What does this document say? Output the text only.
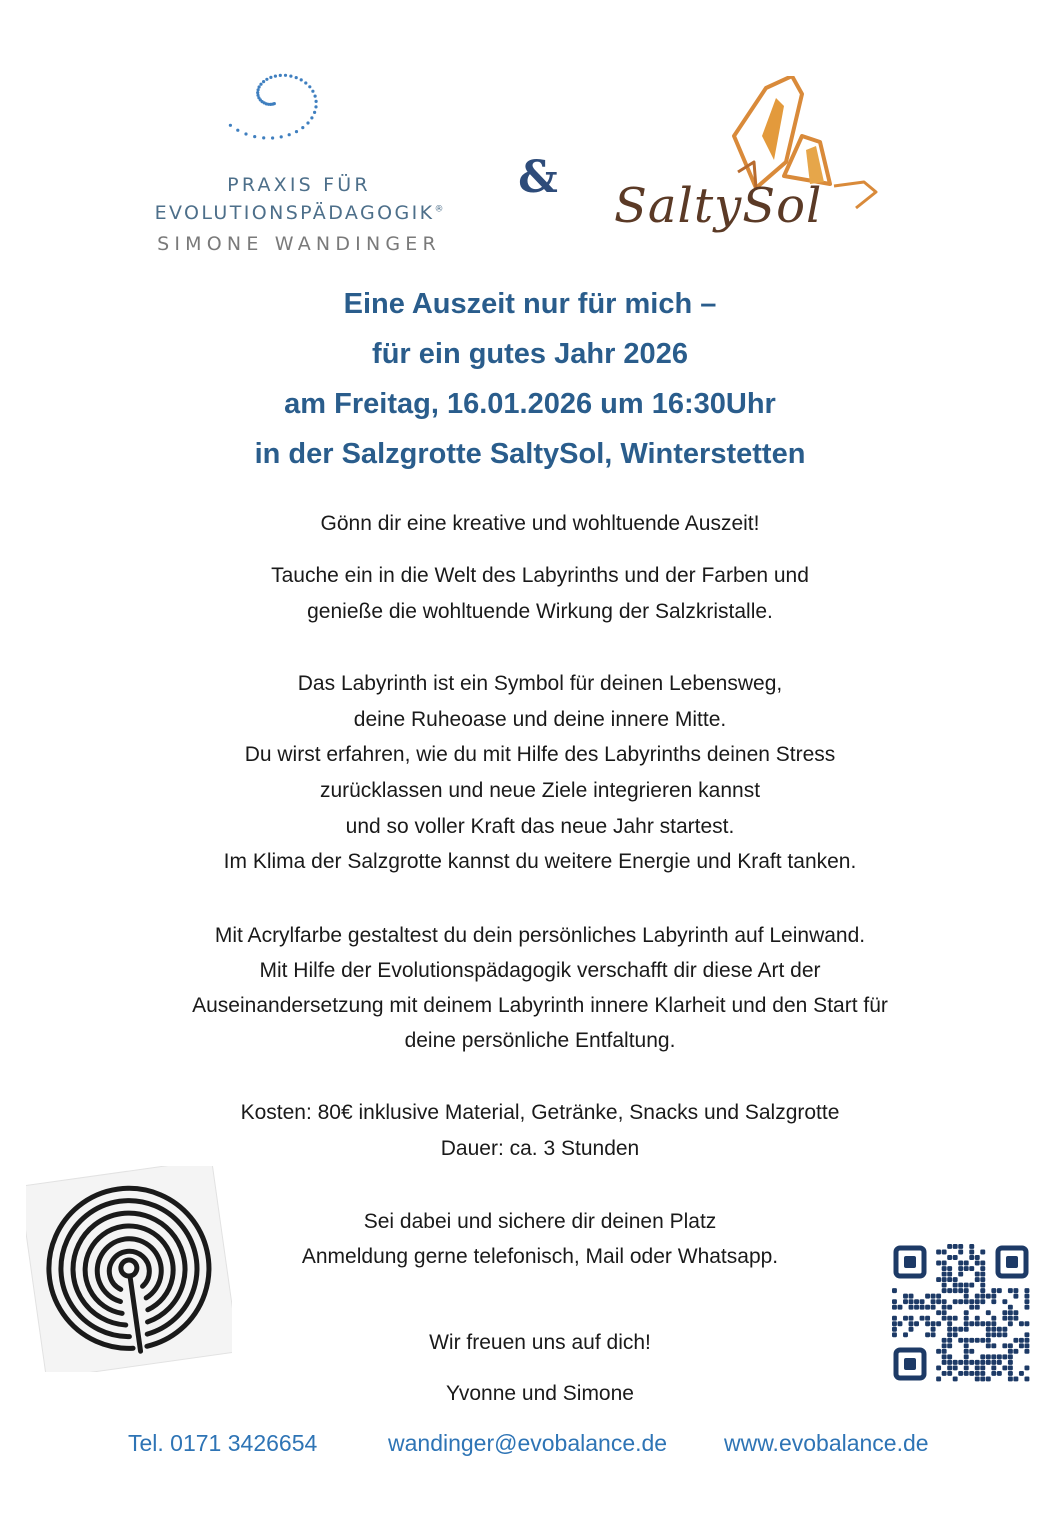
PRAXIS FÜR
EVOLUTIONSPÄDAGOGIK®
SIMONE WANDINGER
&
SaltySol
Eine Auszeit nur für mich –
für ein gutes Jahr 2026
am Freitag, 16.01.2026 um 16:30Uhr
in der Salzgrotte SaltySol, Winterstetten

Gönn dir eine kreative und wohltuende Auszeit!

Tauche ein in die Welt des Labyrinths und der Farben und

genieße die wohltuende Wirkung der Salzkristalle.

Das Labyrinth ist ein Symbol für deinen Lebensweg,

deine Ruheoase und deine innere Mitte.

Du wirst erfahren, wie du mit Hilfe des Labyrinths deinen Stress

zurücklassen und neue Ziele integrieren kannst

und so voller Kraft das neue Jahr startest.

Im Klima der Salzgrotte kannst du weitere Energie und Kraft tanken.

Mit Acrylfarbe gestaltest du dein persönliches Labyrinth auf Leinwand.

Mit Hilfe der Evolutionspädagogik verschafft dir diese Art der

Auseinandersetzung mit deinem Labyrinth innere Klarheit und den Start für

deine persönliche Entfaltung.

Kosten: 80€ inklusive Material, Getränke, Snacks und Salzgrotte

Dauer: ca. 3 Stunden

Sei dabei und sichere dir deinen Platz

Anmeldung gerne telefonisch, Mail oder Whatsapp.

Wir freuen uns auf dich!

Yvonne und Simone

Tel. 0171 3426654	wandinger@evobalance.de www.evobalance.de
